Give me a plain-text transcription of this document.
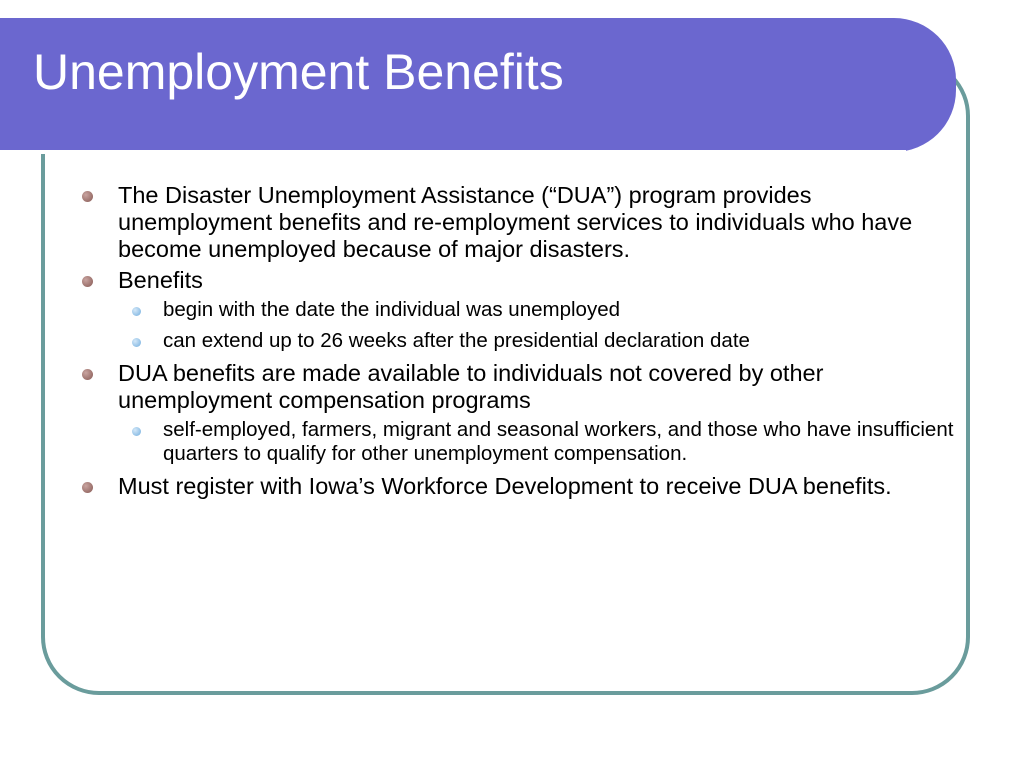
Unemployment Benefits
The Disaster Unemployment Assistance (“DUA”) program provides unemployment benefits and re-employment services to individuals who have become unemployed because of major disasters.
Benefits
begin with the date the individual was unemployed
can extend up to 26 weeks after the presidential declaration date
DUA benefits are made available to individuals not covered by other unemployment compensation programs
self-employed, farmers, migrant and seasonal workers, and those who have insufficient quarters to qualify for other unemployment compensation.
Must register with Iowa’s Workforce Development to receive DUA benefits.
